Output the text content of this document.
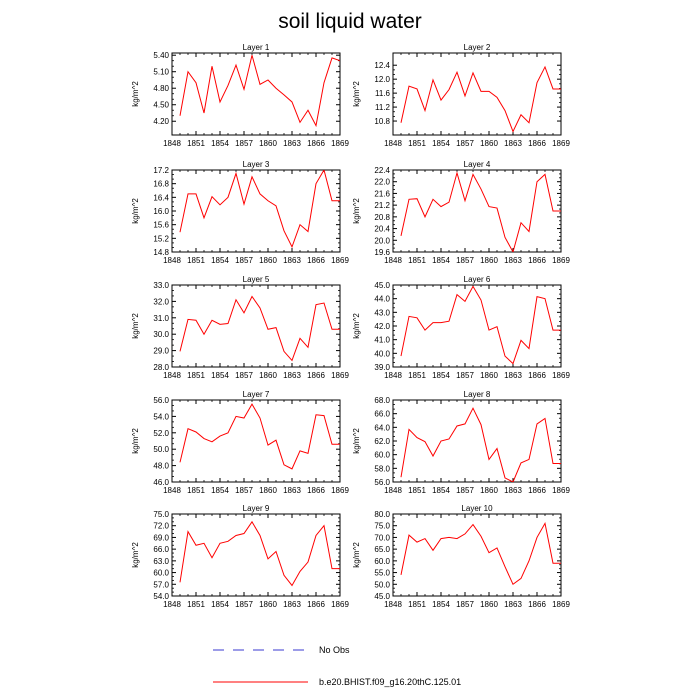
soil liquid water
Layer 1
kg/m^2
1848 1851 1854 1857 1860 1863 1866 1869
4.20
4.50
4.80
5.10
5.40
Layer 2
kg/m^2
1848 1851 1854 1857 1860 1863 1866 1869
10.8
11.2
11.6
12.0
12.4
Layer 3
kg/m^2
1848 1851 1854 1857 1860 1863 1866 1869
14.8
15.2
15.6
16.0
16.4
16.8
17.2
Layer 4
kg/m^2
1848 1851 1854 1857 1860 1863 1866 1869
19.6
20.0
20.4
20.8
21.2
21.6
22.0
22.4
Layer 5
kg/m^2
1848 1851 1854 1857 1860 1863 1866 1869
28.0
29.0
30.0
31.0
32.0
33.0
Layer 6
kg/m^2
1848 1851 1854 1857 1860 1863 1866 1869
39.0
40.0
41.0
42.0
43.0
44.0
45.0
Layer 7
kg/m^2
1848 1851 1854 1857 1860 1863 1866 1869
46.0
48.0
50.0
52.0
54.0
56.0
Layer 8
kg/m^2
1848 1851 1854 1857 1860 1863 1866 1869
56.0
58.0
60.0
62.0
64.0
66.0
68.0
Layer 9
kg/m^2
1848 1851 1854 1857 1860 1863 1866 1869
54.0
57.0
60.0
63.0
66.0
69.0
72.0
75.0
Layer 10
kg/m^2
1848 1851 1854 1857 1860 1863 1866 1869
45.0
50.0
55.0
60.0
65.0
70.0
75.0
80.0
No Obs
b.e20.BHIST.f09_g16.20thC.125.01
